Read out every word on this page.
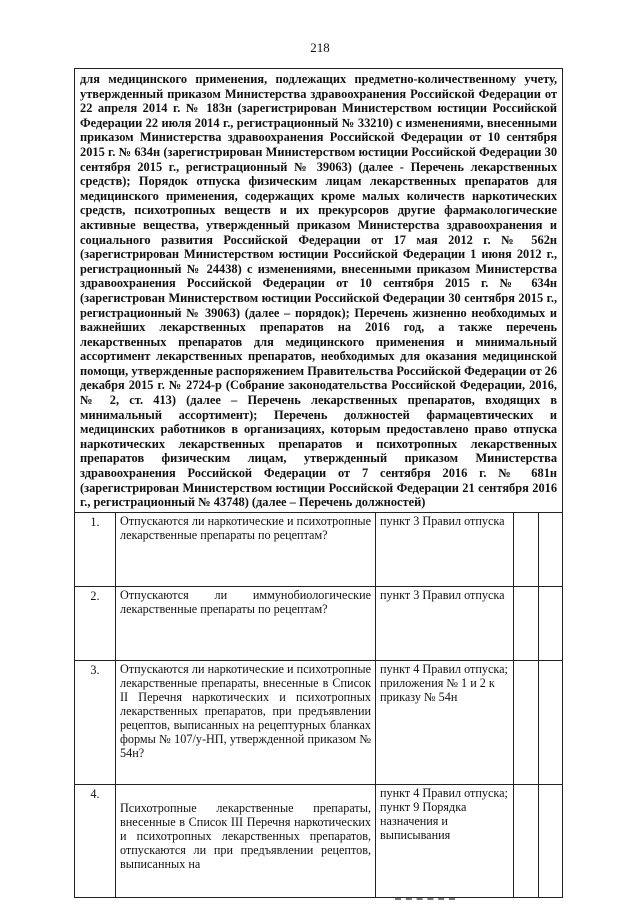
218
для медицинского применения, подлежащих предметно-количественному учету, утвержденный приказом Министерства здравоохранения Российской Федерации от 22 апреля 2014 г. № 183н (зарегистрирован Министерством юстиции Российской Федерации 22 июля 2014 г., регистрационный № 33210) с изменениями, внесенными приказом Министерства здравоохранения Российской Федерации от 10 сентября 2015 г. № 634н (зарегистрирован Министерством юстиции Российской Федерации 30 сентября 2015 г., регистрационный № 39063) (далее - Перечень лекарственных средств); Порядок отпуска физическим лицам лекарственных препаратов для медицинского применения, содержащих кроме малых количеств наркотических средств, психотропных веществ и их прекурсоров другие фармакологические активные вещества, утвержденный приказом Министерства здравоохранения и социального развития Российской Федерации от 17 мая 2012 г. № 562н (зарегистрирован Министерством юстиции Российской Федерации 1 июня 2012 г., регистрационный № 24438) с изменениями, внесенными приказом Министерства здравоохранения Российской Федерации от 10 сентября 2015 г. № 634н (зарегистрован Министерством юстиции Российской Федерации 30 сентября 2015 г., регистрационный № 39063) (далее – порядок); Перечень жизненно необходимых и важнейших лекарственных препаратов на 2016 год, а также перечень лекарственных препаратов для медицинского применения и минимальный ассортимент лекарственных препаратов, необходимых для оказания медицинской помощи, утвержденные распоряжением Правительства Российской Федерации от 26 декабря 2015 г. № 2724-р (Собрание законодательства Российской Федерации, 2016, № 2, ст. 413) (далее – Перечень лекарственных препаратов, входящих в минимальный ассортимент); Перечень должностей фармацевтических и медицинских работников в организациях, которым предоставлено право отпуска наркотических лекарственных препаратов и психотропных лекарственных препаратов физическим лицам, утвержденный приказом Министерства здравоохранения Российской Федерации от 7 сентября 2016 г. № 681н (зарегистрирован Министерством юстиции Российской Федерации 21 сентября 2016 г., регистрационный № 43748) (далее – Перечень должностей)				
1.	Отпускаются ли наркотические и психотропные лекарственные препараты по рецептам?	пункт 3 Правил отпуска		
2.	Отпускаются ли иммунобиологические лекарственные препараты по рецептам?	пункт 3 Правил отпуска		
3.	Отпускаются ли наркотические и психотропные лекарственные препараты, внесенные в Список II Перечня наркотических и психотропных лекарственных препаратов, при предъявлении рецептов, выписанных на рецептурных бланках формы № 107/у-НП, утвержденной приказом № 54н?	пункт 4 Правил отпуска; приложения № 1 и 2 к приказу № 54н		
4.	Психотропные лекарственные препараты, внесенные в Список III Перечня наркотических и психотропных лекарственных препаратов, отпускаются ли при предъявлении рецептов, выписанных на	пункт 4 Правил отпуска; пункт 9 Порядка назначения и выписывания		
